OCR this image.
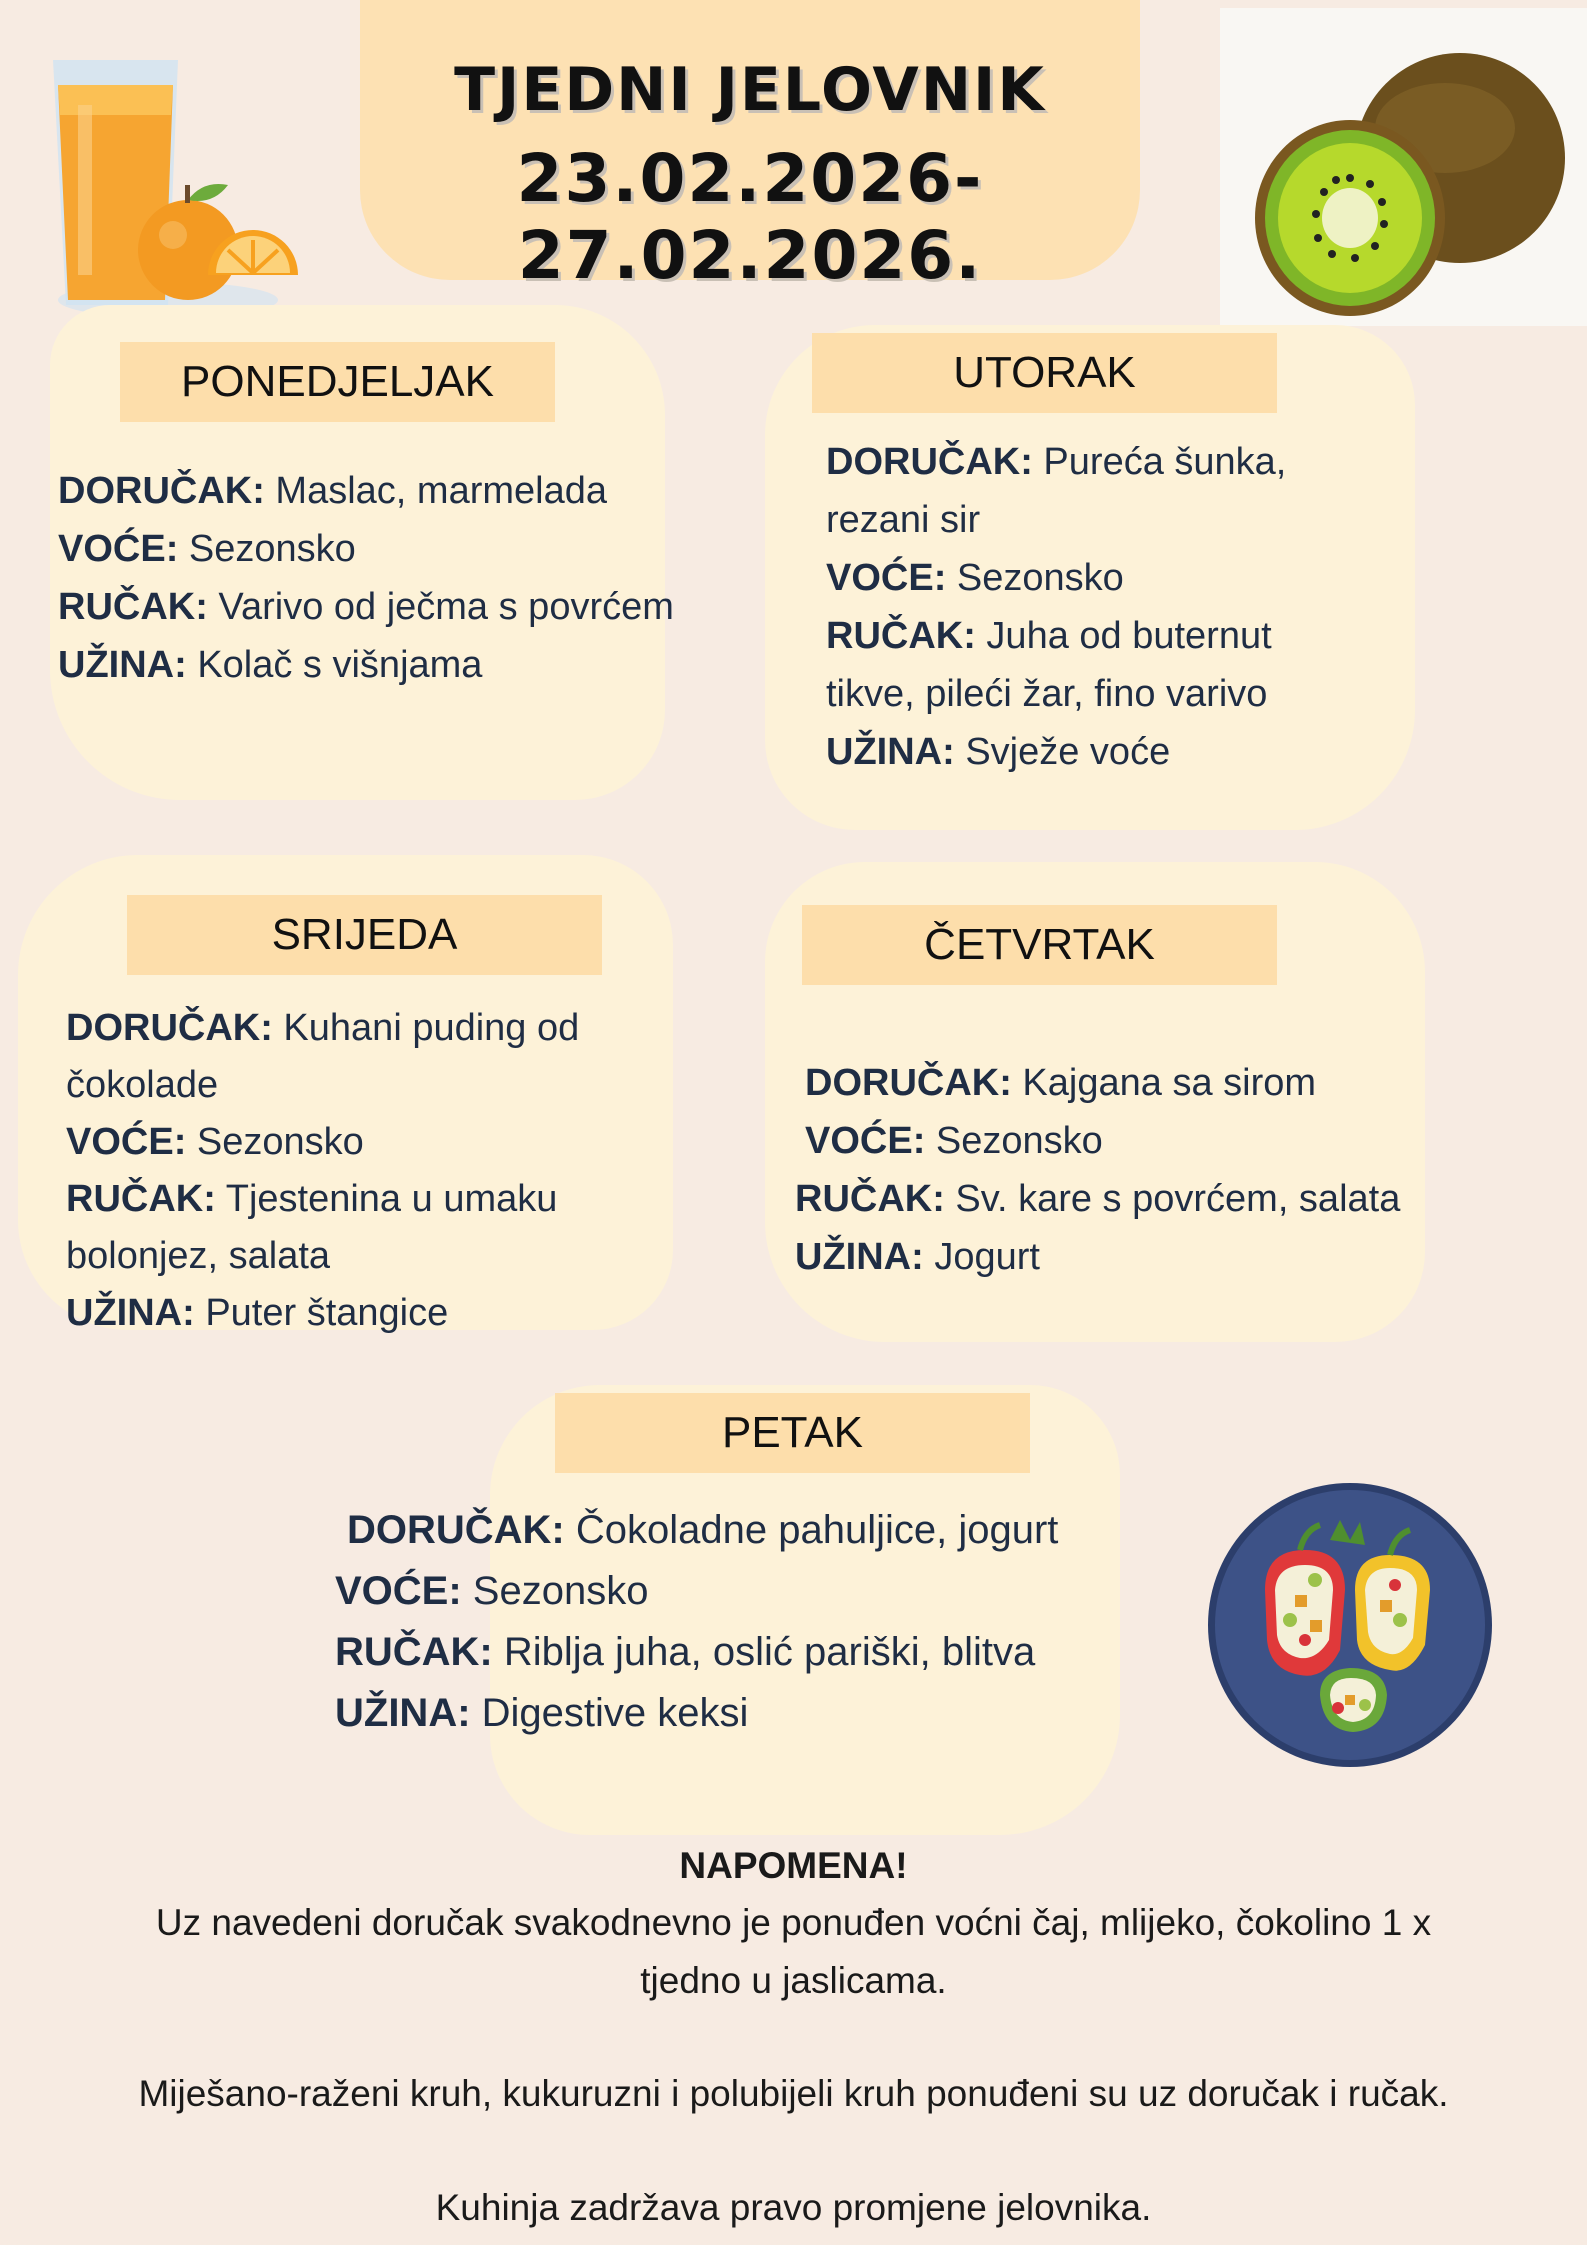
TJEDNI JELOVNIK
23.02.2026-27.02.2026.
PONEDJELJAK
DORUČAK: Maslac, marmelada
VOĆE: Sezonsko
RUČAK: Varivo od ječma s povrćem
UŽINA: Kolač s višnjama
UTORAK
DORUČAK: Pureća šunka,
rezani sir
VOĆE: Sezonsko
RUČAK: Juha od buternut
tikve, pileći žar, fino varivo
UŽINA: Svježe voće
SRIJEDA
DORUČAK: Kuhani puding od
čokolade
VOĆE: Sezonsko
RUČAK: Tjestenina u umaku
bolonjez, salata
UŽINA: Puter štangice
ČETVRTAK
DORUČAK: Kajgana sa sirom
VOĆE: Sezonsko
RUČAK: Sv. kare s povrćem, salata
UŽINA: Jogurt
PETAK
DORUČAK: Čokoladne pahuljice, jogurt
VOĆE: Sezonsko
RUČAK: Riblja juha, oslić pariški, blitva
UŽINA: Digestive keksi
NAPOMENA!
Uz navedeni doručak svakodnevno je ponuđen voćni čaj, mlijeko, čokolino 1 x
tjedno u jaslicama.
Miješano-raženi kruh, kukuruzni i polubijeli kruh ponuđeni su uz doručak i ručak.
Kuhinja zadržava pravo promjene jelovnika.
